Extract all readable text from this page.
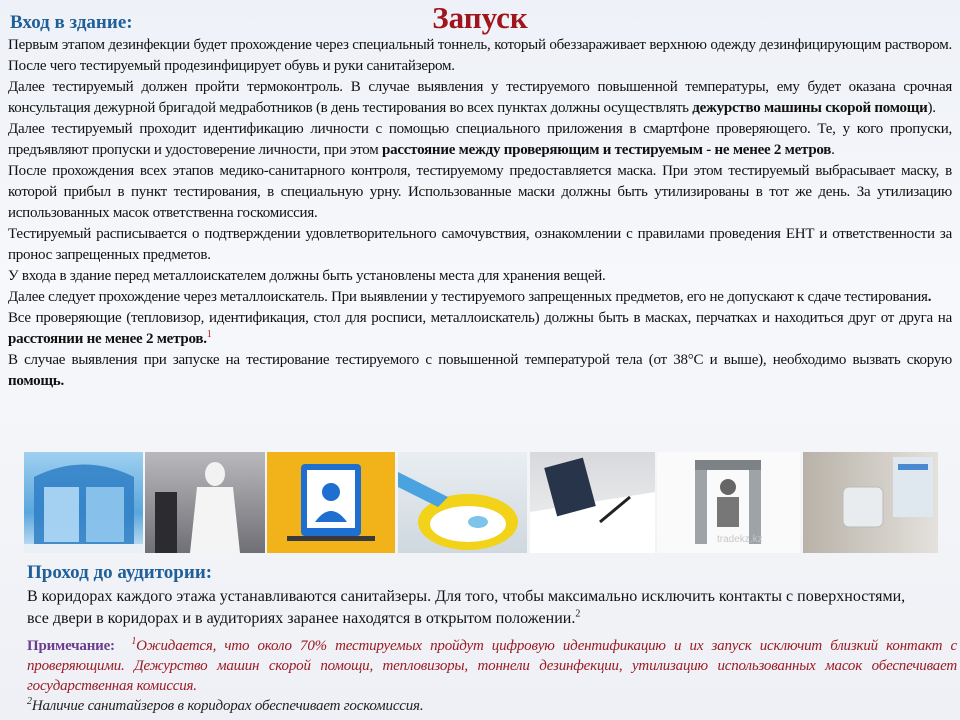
Запуск
Вход в здание:

Первым этапом дезинфекции будет прохождение через специальный тоннель, который обеззараживает верхнюю одежду дезинфицирующим раствором. После чего тестируемый продезинфицирует обувь и руки санитайзером.

Далее тестируемый должен пройти термоконтроль. В случае выявления у тестируемого повышенной температуры, ему будет оказана срочная консультация дежурной бригадой медработников (в день тестирования во всех пунктах должны осуществлять дежурство машины скорой помощи).

Далее тестируемый проходит идентификацию личности с помощью специального приложения в смартфоне проверяющего. Те, у кого пропуски, предъявляют пропуски и удостоверение личности, при этом расстояние между проверяющим и тестируемым - не менее 2 метров.

После прохождения всех этапов медико-санитарного контроля, тестируемому предоставляется маска. При этом тестируемый выбрасывает маску, в которой прибыл в пункт тестирования, в специальную урну. Использованные маски должны быть утилизированы в тот же день. За утилизацию использованных масок ответственна госкомиссия.

Тестируемый расписывается о подтверждении удовлетворительного самочувствия, ознакомлении с правилами проведения ЕНТ и ответственности за пронос запрещенных предметов.

У входа в здание перед металлоискателем должны быть установлены места для хранения вещей.

Далее следует прохождение через металлоискатель. При выявлении у тестируемого запрещенных предметов, его не допускают к сдаче тестирования.

Все проверяющие (тепловизор, идентификация, стол для росписи, металлоискатель) должны быть в масках, перчатках и находиться друг от друга на расстоянии не менее 2 метров.$^1$

В случае выявления при запуске на тестирование тестируемого с повышенной температурой тела (от 38°С и выше), необходимо вызвать скорую помощь.

tradekz.kz
Проход до аудитории:

В коридорах каждого этажа устанавливаются санитайзеры. Для того, чтобы максимально исключить контакты с поверхностями, все двери в коридорах и в аудиториях заранее находятся в открытом положении.$^2$

Примечание: $^1$Ожидается, что около 70% тестируемых пройдут цифровую идентификацию и их запуск исключит близкий контакт с проверяющими. Дежурство машин скорой помощи, тепловизоры, тоннели дезинфекции, утилизацию использованных масок обеспечивает государственная комиссия.

$^2$Наличие санитайзеров в коридорах обеспечивает госкомиссия.
